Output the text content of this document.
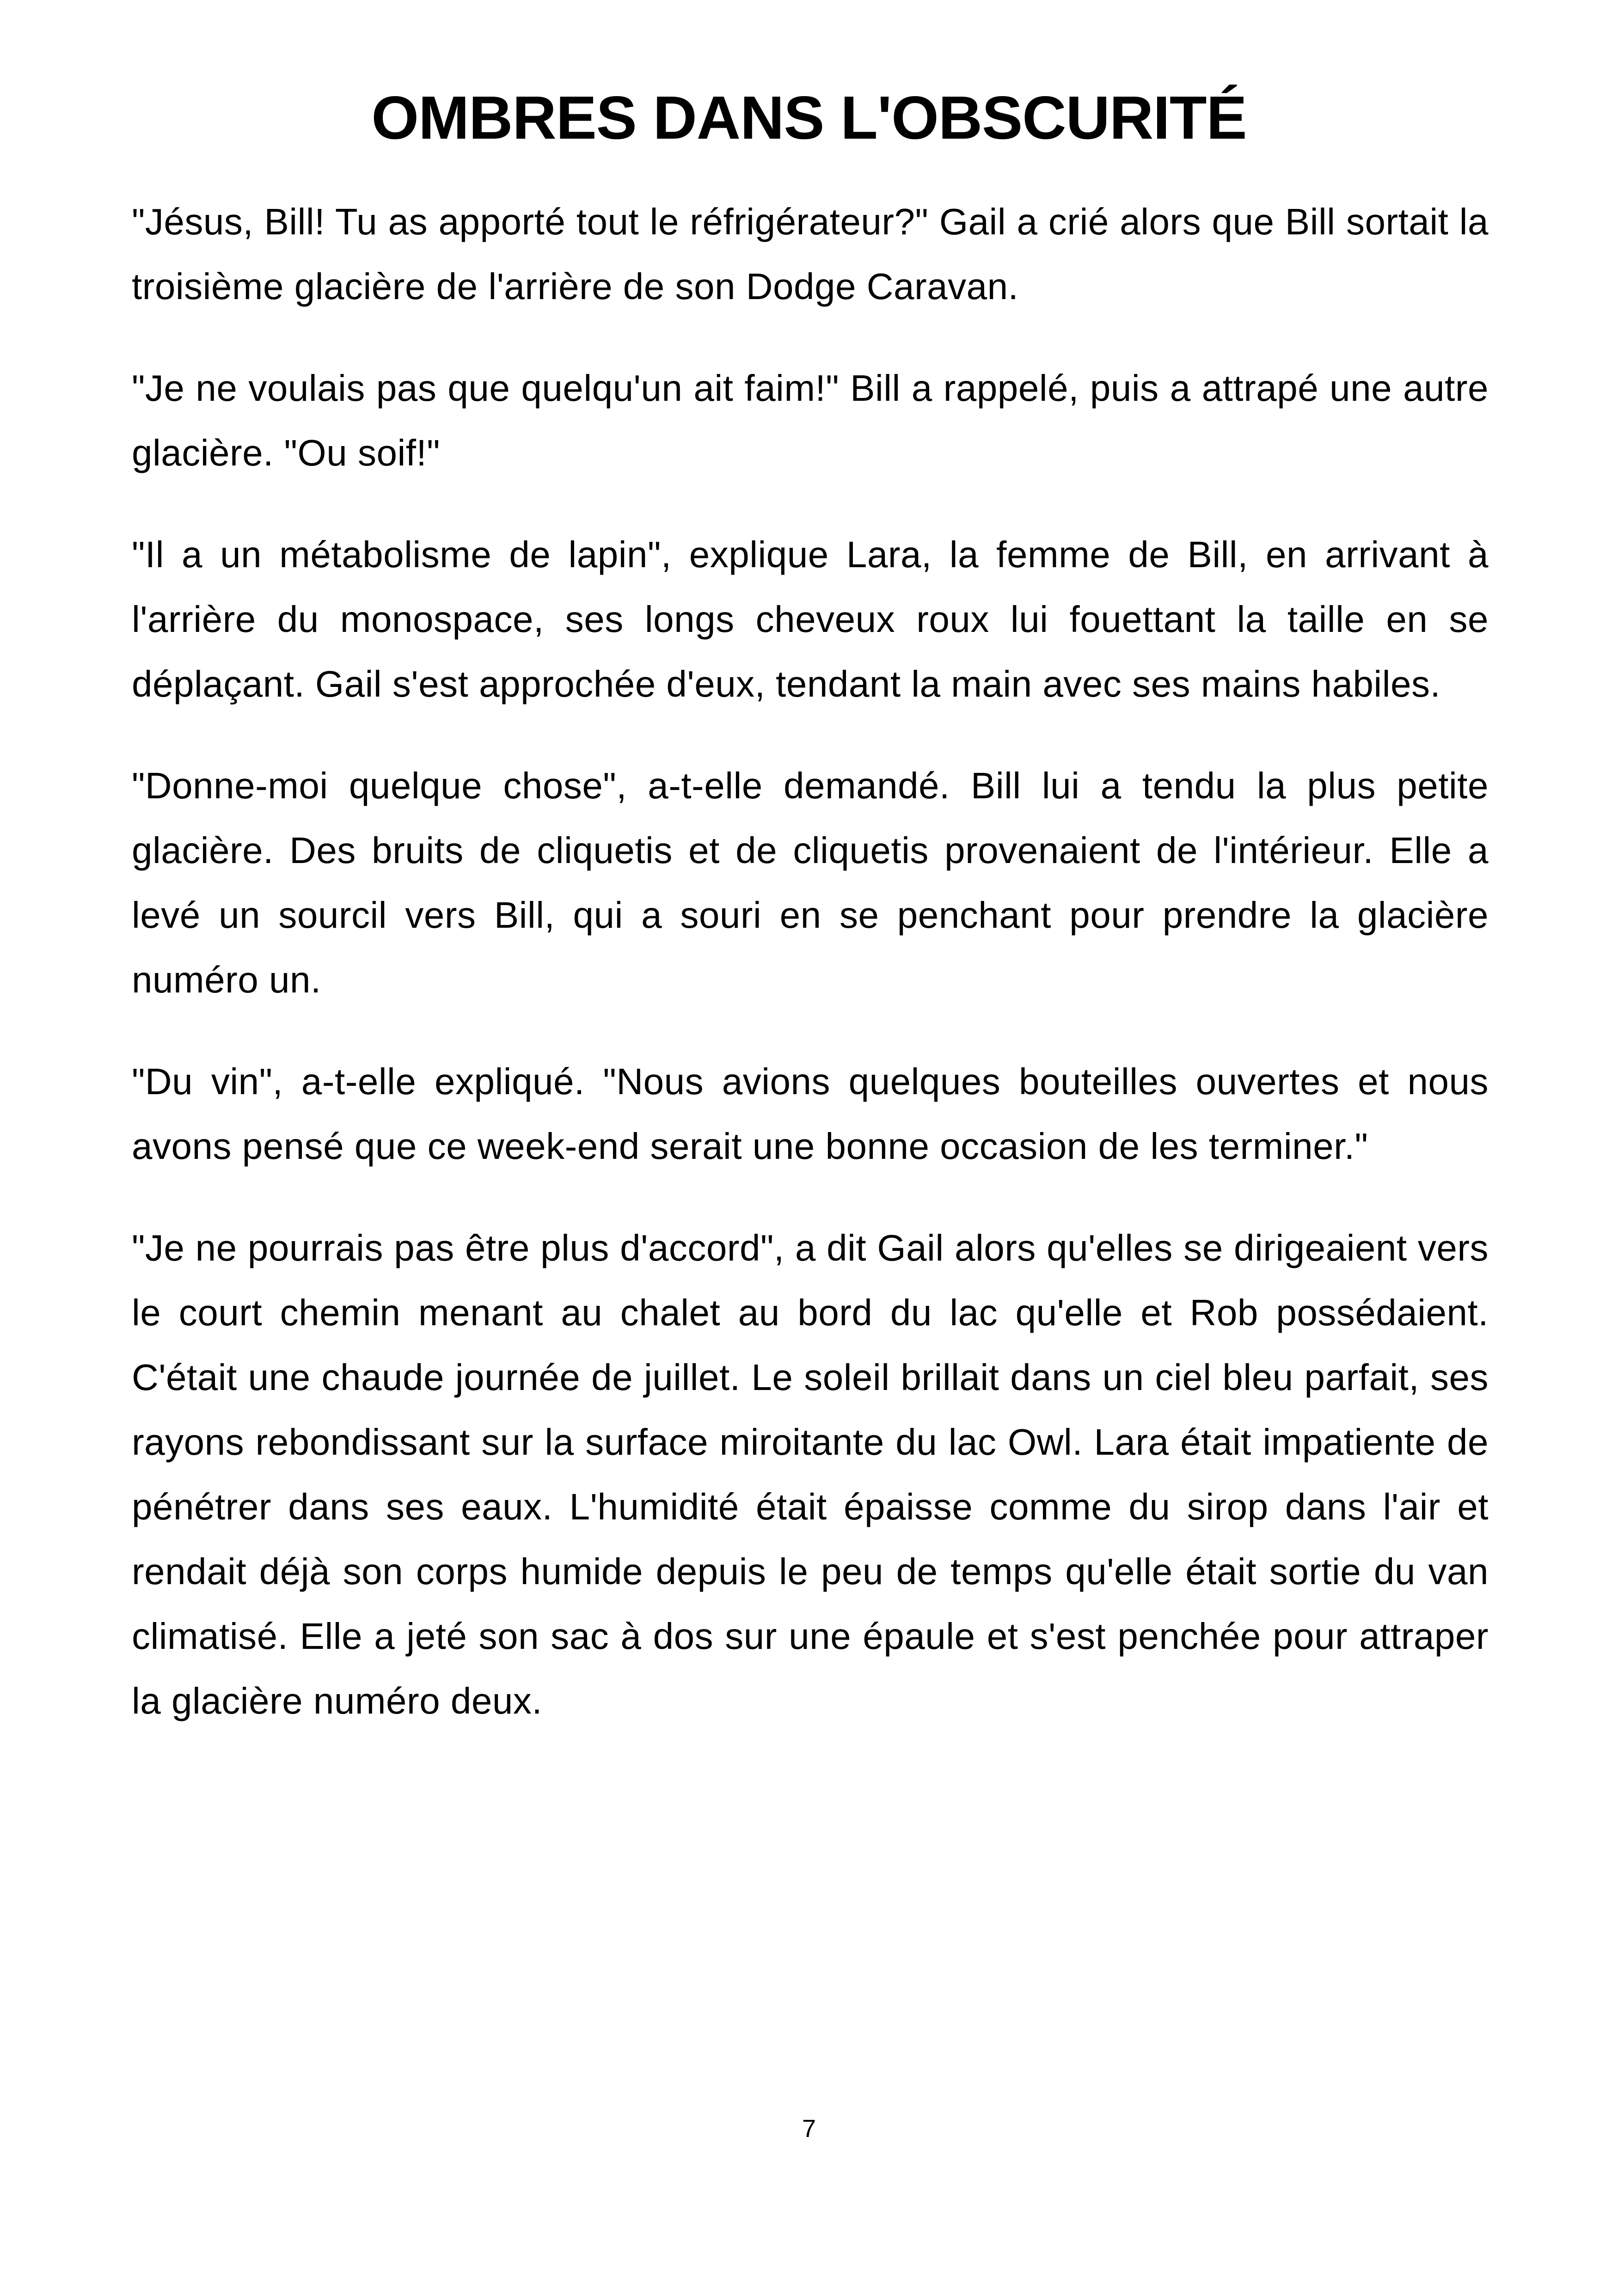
OMBRES DANS L'OBSCURITÉ

"Jésus, Bill! Tu as apporté tout le réfrigérateur?" Gail a crié alors que Bill sortait la troisième glacière de l'arrière de son Dodge Caravan.

"Je ne voulais pas que quelqu'un ait faim!" Bill a rappelé, puis a attrapé une autre glacière. "Ou soif!"

"Il a un métabolisme de lapin", explique Lara, la femme de Bill, en arrivant à l'arrière du monospace, ses longs cheveux roux lui fouettant la taille en se déplaçant. Gail s'est approchée d'eux, tendant la main avec ses mains habiles.

"Donne-moi quelque chose", a-t-elle demandé. Bill lui a tendu la plus petite glacière. Des bruits de cliquetis et de cliquetis provenaient de l'intérieur. Elle a levé un sourcil vers Bill, qui a souri en se penchant pour prendre la glacière numéro un.

"Du vin", a-t-elle expliqué. "Nous avions quelques bouteilles ouvertes et nous avons pensé que ce week-end serait une bonne occasion de les terminer."

"Je ne pourrais pas être plus d'accord", a dit Gail alors qu'elles se dirigeaient vers le court chemin menant au chalet au bord du lac qu'elle et Rob possédaient. C'était une chaude journée de juillet. Le soleil brillait dans un ciel bleu parfait, ses rayons rebondissant sur la surface miroitante du lac Owl. Lara était impatiente de pénétrer dans ses eaux. L'humidité était épaisse comme du sirop dans l'air et rendait déjà son corps humide depuis le peu de temps qu'elle était sortie du van climatisé. Elle a jeté son sac à dos sur une épaule et s'est penchée pour attraper la glacière numéro deux.

7
